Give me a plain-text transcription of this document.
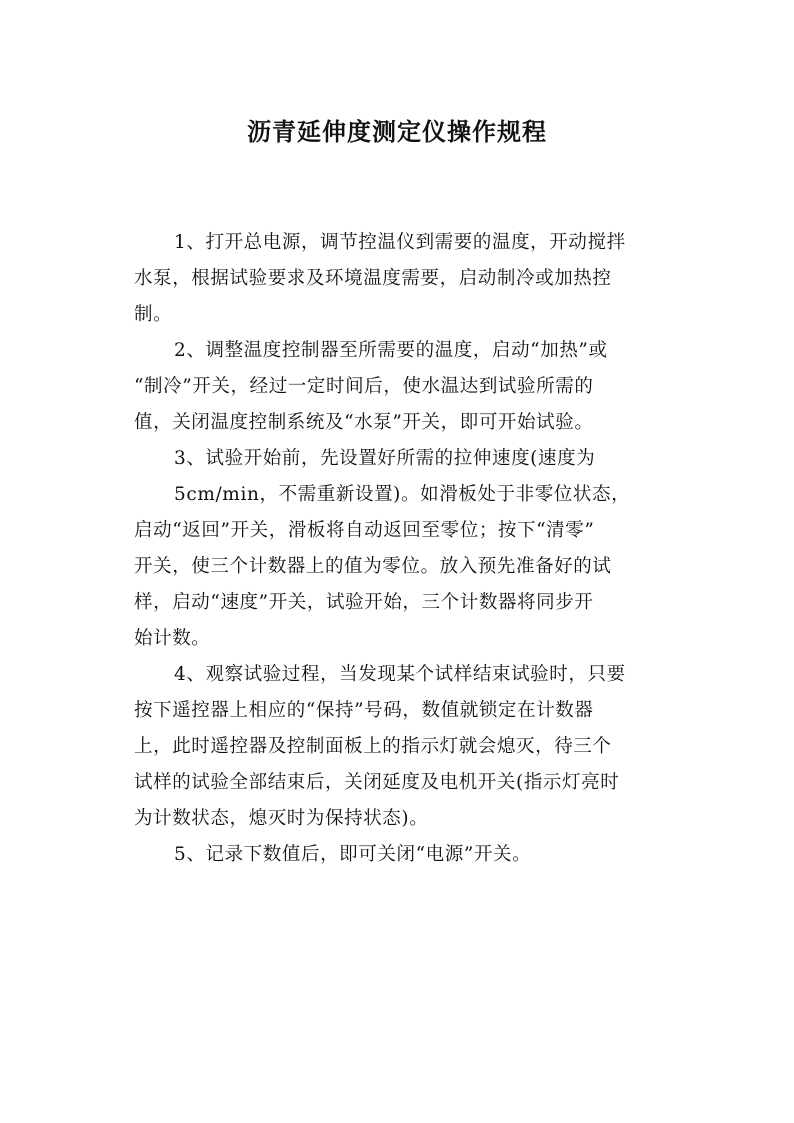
沥青延伸度测定仪操作规程
1、打开总电源，调节控温仪到需要的温度，开动搅拌
水泵，根据试验要求及环境温度需要，启动制冷或加热控
制。
2、调整温度控制器至所需要的温度，启动“加热”或
“制冷”开关，经过一定时间后，使水温达到试验所需的
值，关闭温度控制系统及“水泵”开关，即可开始试验。
3、试验开始前，先设置好所需的拉伸速度(速度为
5cm/min，不需重新设置)。如滑板处于非零位状态，
启动“返回”开关，滑板将自动返回至零位；按下“清零”
开关，使三个计数器上的值为零位。放入预先准备好的试
样，启动“速度”开关，试验开始，三个计数器将同步开
始计数。
4、观察试验过程，当发现某个试样结束试验时，只要
按下遥控器上相应的“保持”号码，数值就锁定在计数器
上，此时遥控器及控制面板上的指示灯就会熄灭，待三个
试样的试验全部结束后，关闭延度及电机开关(指示灯亮时
为计数状态，熄灭时为保持状态)。
5、记录下数值后，即可关闭“电源”开关。
